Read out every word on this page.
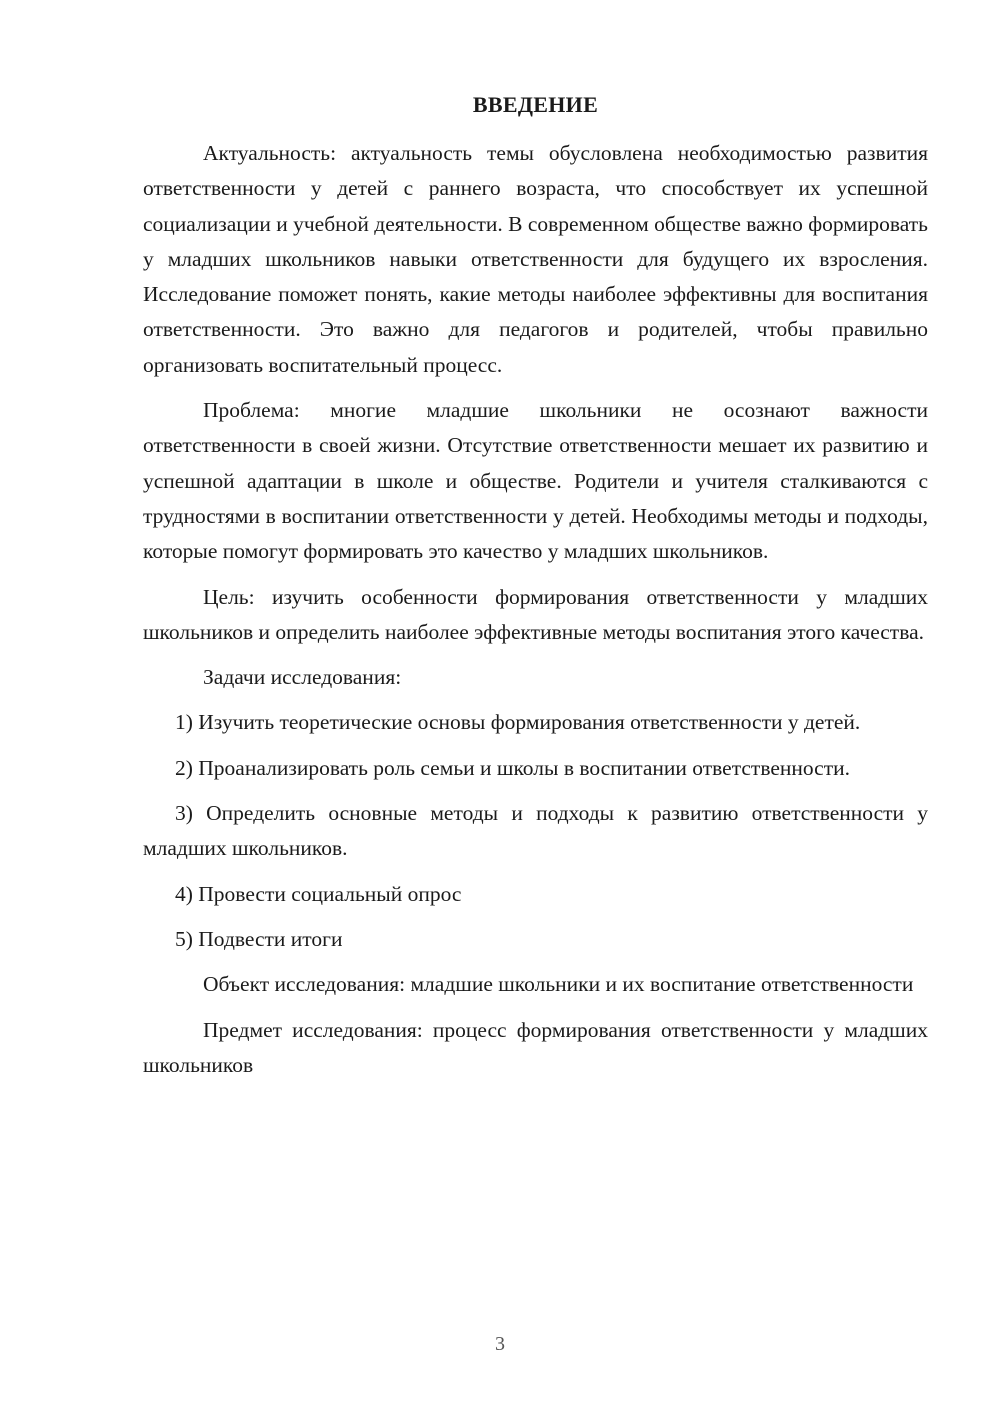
ВВЕДЕНИЕ

Актуальность: актуальность темы обусловлена необходимостью развития ответственности у детей с раннего возраста, что способствует их успешной социализации и учебной деятельности. В современном обществе важно формировать у младших школьников навыки ответственности для будущего их взросления. Исследование поможет понять, какие методы наиболее эффективны для воспитания ответственности. Это важно для педагогов и родителей, чтобы правильно организовать воспитательный процесс.

Проблема: многие младшие школьники не осознают важности ответственности в своей жизни. Отсутствие ответственности мешает их развитию и успешной адаптации в школе и обществе. Родители и учителя сталкиваются с трудностями в воспитании ответственности у детей. Необходимы методы и подходы, которые помогут формировать это качество у младших школьников.

Цель: изучить особенности формирования ответственности у младших школьников и определить наиболее эффективные методы воспитания этого качества.

Задачи исследования:

1) Изучить теоретические основы формирования ответственности у детей.

2) Проанализировать роль семьи и школы в воспитании ответственности.

3) Определить основные методы и подходы к развитию ответственности у младших школьников.

4) Провести социальный опрос

5) Подвести итоги

Объект исследования: младшие школьники и их воспитание ответственности

Предмет исследования: процесс формирования ответственности у младших школьников

3
